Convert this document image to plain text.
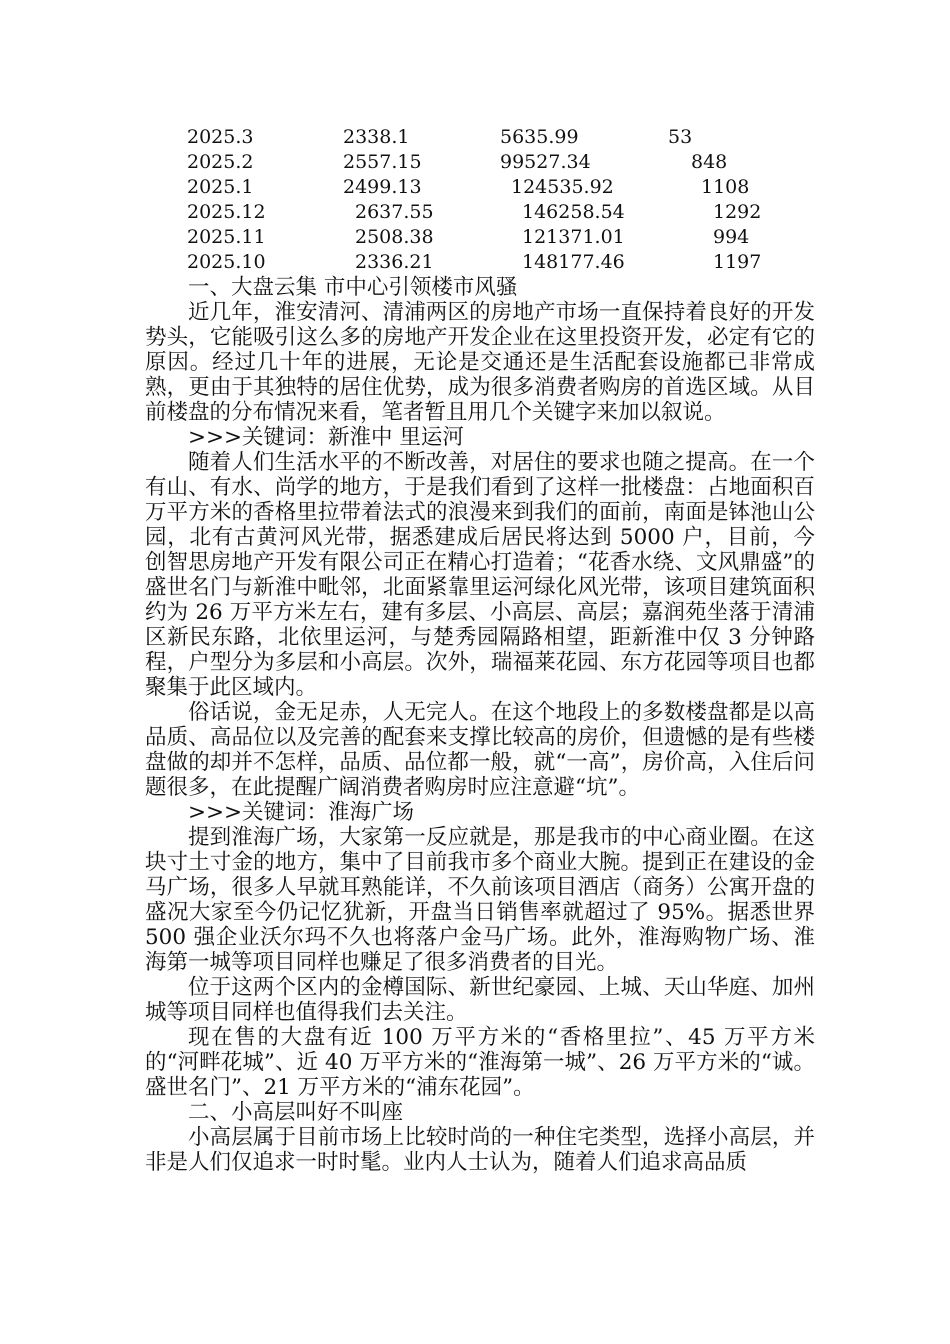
2025.3	2338.1	5635.99	53
2025.2	2557.15	99527.34	848
2025.1	2499.13	124535.92	1108
2025.12	2637.55	146258.54	1292
2025.11	2508.38	121371.01	994
2025.10	2336.21	148177.46	1197

一、大盘云集 市中心引领楼市风骚

近几年，淮安清河、清浦两区的房地产市场一直保持着良好的开发势头，它能吸引这么多的房地产开发企业在这里投资开发，必定有它的原因。经过几十年的进展，无论是交通还是生活配套设施都已非常成熟，更由于其独特的居住优势，成为很多消费者购房的首选区域。从目前楼盘的分布情况来看，笔者暂且用几个关键字来加以叙说。

>>>关键词：新淮中 里运河

随着人们生活水平的不断改善，对居住的要求也随之提高。在一个有山、有水、尚学的地方，于是我们看到了这样一批楼盘：占地面积百万平方米的香格里拉带着法式的浪漫来到我们的面前，南面是钵池山公园，北有古黄河风光带，据悉建成后居民将达到 5000 户，目前，今创智思房地产开发有限公司正在精心打造着；“花香水绕、文风鼎盛”的盛世名门与新淮中毗邻，北面紧靠里运河绿化风光带，该项目建筑面积约为 26 万平方米左右，建有多层、小高层、高层；嘉润苑坐落于清浦区新民东路，北依里运河，与楚秀园隔路相望，距新淮中仅 3 分钟路程，户型分为多层和小高层。次外，瑞福莱花园、东方花园等项目也都聚集于此区域内。

俗话说，金无足赤，人无完人。在这个地段上的多数楼盘都是以高品质、高品位以及完善的配套来支撑比较高的房价，但遗憾的是有些楼盘做的却并不怎样，品质、品位都一般，就“一高”，房价高，入住后问题很多，在此提醒广阔消费者购房时应注意避“坑”。

>>>关键词：淮海广场

提到淮海广场，大家第一反应就是，那是我市的中心商业圈。在这块寸土寸金的地方，集中了目前我市多个商业大腕。提到正在建设的金马广场，很多人早就耳熟能详，不久前该项目酒店（商务）公寓开盘的盛况大家至今仍记忆犹新，开盘当日销售率就超过了 95%。据悉世界 500 强企业沃尔玛不久也将落户金马广场。此外，淮海购物广场、淮海第一城等项目同样也赚足了很多消费者的目光。

位于这两个区内的金樽国际、新世纪豪园、上城、天山华庭、加州城等项目同样也值得我们去关注。

现在售的大盘有近 100 万平方米的“香格里拉”、45 万平方米的“河畔花城”、近 40 万平方米的“淮海第一城”、26 万平方米的“诚。盛世名门”、21 万平方米的“浦东花园”。

二、小高层叫好不叫座

小高层属于目前市场上比较时尚的一种住宅类型，选择小高层，并非是人们仅追求一时时髦。业内人士认为，随着人们追求高品质
